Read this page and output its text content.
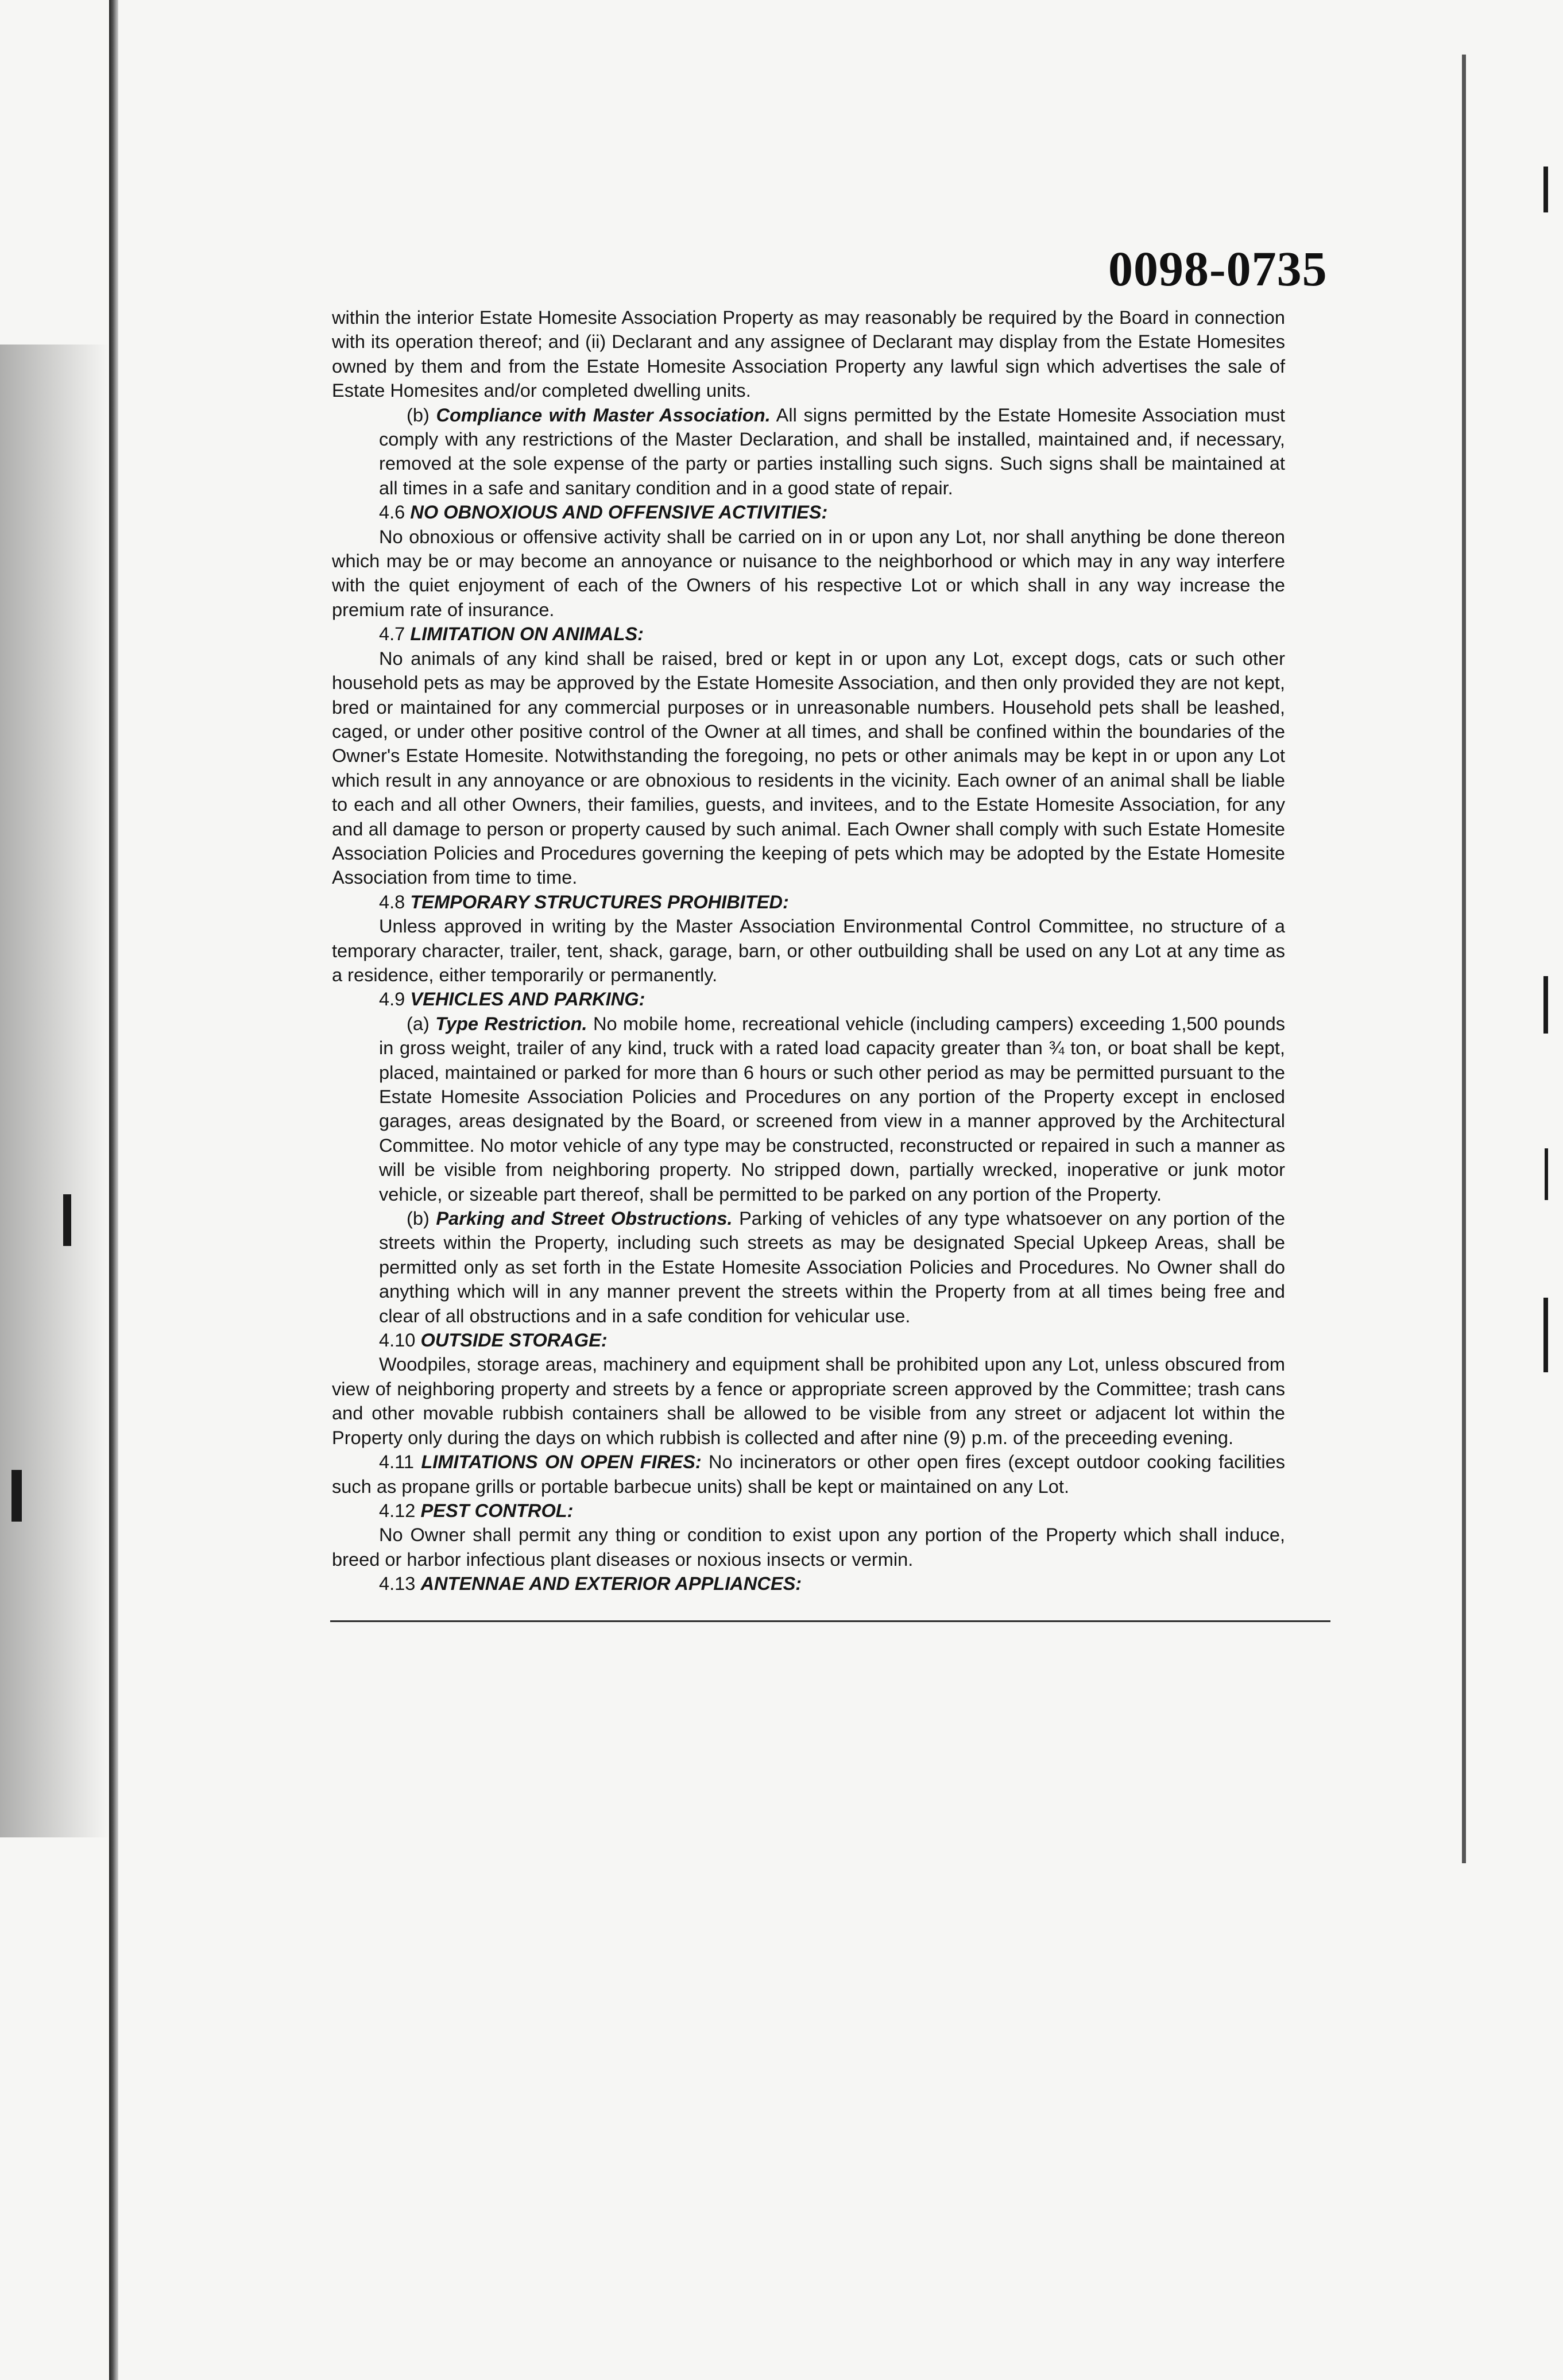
0098-0735

within the interior Estate Homesite Association Property as may reasonably be required by the Board in connection with its operation thereof; and (ii) Declarant and any assignee of Declarant may display from the Estate Homesites owned by them and from the Estate Homesite Association Property any lawful sign which advertises the sale of Estate Homesites and/or completed dwelling units.

(b) Compliance with Master Association. All signs permitted by the Estate Homesite Association must comply with any restrictions of the Master Declaration, and shall be installed, maintained and, if necessary, removed at the sole expense of the party or parties installing such signs. Such signs shall be maintained at all times in a safe and sanitary condition and in a good state of repair.

4.6 NO OBNOXIOUS AND OFFENSIVE ACTIVITIES:

No obnoxious or offensive activity shall be carried on in or upon any Lot, nor shall anything be done thereon which may be or may become an annoyance or nuisance to the neighborhood or which may in any way interfere with the quiet enjoyment of each of the Owners of his respective Lot or which shall in any way increase the premium rate of insurance.

4.7 LIMITATION ON ANIMALS:

No animals of any kind shall be raised, bred or kept in or upon any Lot, except dogs, cats or such other household pets as may be approved by the Estate Homesite Association, and then only provided they are not kept, bred or maintained for any commercial purposes or in unreasonable numbers. Household pets shall be leashed, caged, or under other positive control of the Owner at all times, and shall be confined within the boundaries of the Owner's Estate Homesite. Notwithstanding the foregoing, no pets or other animals may be kept in or upon any Lot which result in any annoyance or are obnoxious to residents in the vicinity. Each owner of an animal shall be liable to each and all other Owners, their families, guests, and invitees, and to the Estate Homesite Association, for any and all damage to person or property caused by such animal. Each Owner shall comply with such Estate Homesite Association Policies and Procedures governing the keeping of pets which may be adopted by the Estate Homesite Association from time to time.

4.8 TEMPORARY STRUCTURES PROHIBITED:

Unless approved in writing by the Master Association Environmental Control Committee, no structure of a temporary character, trailer, tent, shack, garage, barn, or other outbuilding shall be used on any Lot at any time as a residence, either temporarily or permanently.

4.9 VEHICLES AND PARKING:

(a) Type Restriction. No mobile home, recreational vehicle (including campers) exceeding 1,500 pounds in gross weight, trailer of any kind, truck with a rated load capacity greater than ¾ ton, or boat shall be kept, placed, maintained or parked for more than 6 hours or such other period as may be permitted pursuant to the Estate Homesite Association Policies and Procedures on any portion of the Property except in enclosed garages, areas designated by the Board, or screened from view in a manner approved by the Architectural Committee. No motor vehicle of any type may be constructed, reconstructed or repaired in such a manner as will be visible from neighboring property. No stripped down, partially wrecked, inoperative or junk motor vehicle, or sizeable part thereof, shall be permitted to be parked on any portion of the Property.

(b) Parking and Street Obstructions. Parking of vehicles of any type whatsoever on any portion of the streets within the Property, including such streets as may be designated Special Upkeep Areas, shall be permitted only as set forth in the Estate Homesite Association Policies and Procedures. No Owner shall do anything which will in any manner prevent the streets within the Property from at all times being free and clear of all obstructions and in a safe condition for vehicular use.

4.10 OUTSIDE STORAGE:

Woodpiles, storage areas, machinery and equipment shall be prohibited upon any Lot, unless obscured from view of neighboring property and streets by a fence or appropriate screen approved by the Committee; trash cans and other movable rubbish containers shall be allowed to be visible from any street or adjacent lot within the Property only during the days on which rubbish is collected and after nine (9) p.m. of the preceeding evening.

4.11 LIMITATIONS ON OPEN FIRES: No incinerators or other open fires (except outdoor cooking facilities such as propane grills or portable barbecue units) shall be kept or maintained on any Lot.

4.12 PEST CONTROL:

No Owner shall permit any thing or condition to exist upon any portion of the Property which shall induce, breed or harbor infectious plant diseases or noxious insects or vermin.

4.13 ANTENNAE AND EXTERIOR APPLIANCES:
